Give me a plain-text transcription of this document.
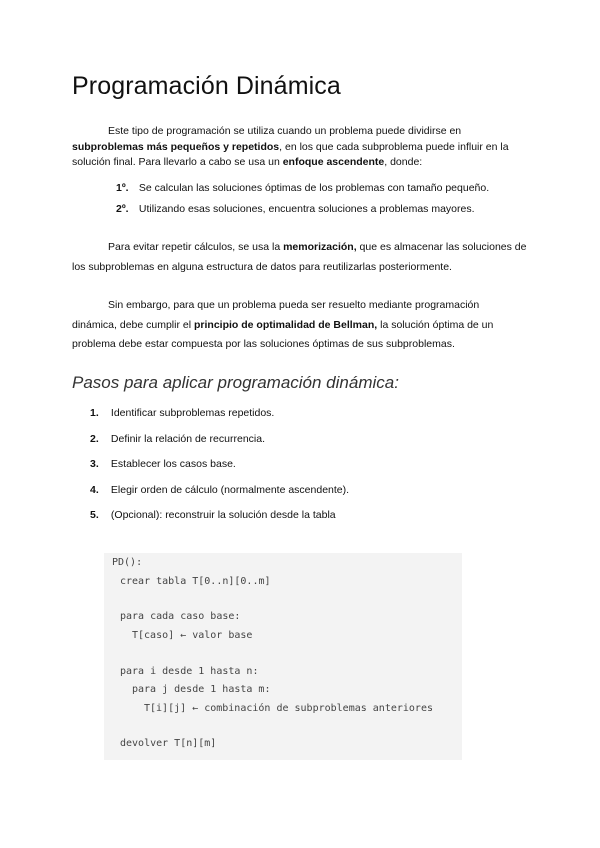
Programación Dinámica

Este tipo de programación se utiliza cuando un problema puede dividirse en subproblemas más pequeños y repetidos, en los que cada subproblema puede influir en la solución final. Para llevarlo a cabo se usa un enfoque ascendente, donde:

1º. Se calculan las soluciones óptimas de los problemas con tamaño pequeño.
2º. Utilizando esas soluciones, encuentra soluciones a problemas mayores.

Para evitar repetir cálculos, se usa la memorización, que es almacenar las soluciones de los subproblemas en alguna estructura de datos para reutilizarlas posteriormente.

Sin embargo, para que un problema pueda ser resuelto mediante programación dinámica, debe cumplir el principio de optimalidad de Bellman, la solución óptima de un problema debe estar compuesta por las soluciones óptimas de sus subproblemas.

Pasos para aplicar programación dinámica:
1. Identificar subproblemas repetidos.
2. Definir la relación de recurrencia.
3. Establecer los casos base.
4. Elegir orden de cálculo (normalmente ascendente).
5. (Opcional): reconstruir la solución desde la tabla
PD():
crear tabla T[0..n][0..m]
para cada caso base:
T[caso] ← valor base
para i desde 1 hasta n:
para j desde 1 hasta m:
T[i][j] ← combinación de subproblemas anteriores
devolver T[n][m]
